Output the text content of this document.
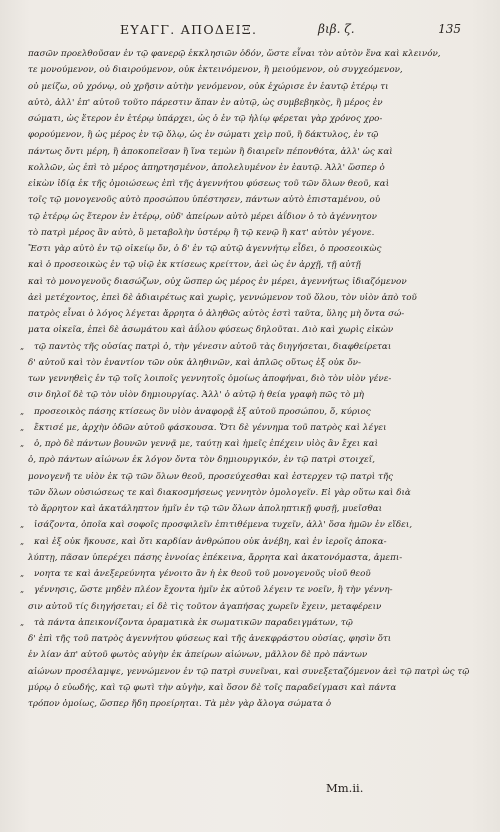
ΕΥΑΓΓ. ΑΠΟΔΕΙΞ.	βιβ. ζ.	135
πασῶν προελθοῦσαν ἐν τῷ φανερῷ ἐκκλησιῶν ὁδόν, ὥστε εἶναι τὸν αὐτὸν ἕνα καὶ κλεινόν,
τε μονούμενον, οὐ διαιρούμενον, οὐκ ἐκτεινόμενον, ἢ μειούμενον, οὐ συγχεόμενον,
οὐ μείζω, οὐ χρόνῳ, οὐ χρῆσιν αὐτὴν γενόμενον, οὐκ ἐχώρισε ἐν ἑαυτῷ ἑτέρῳ τι
αὐτὸ, ἀλλ' ἐπ' αὐτοῦ τοῦτο πάρεστιν ἅπαν ἐν αὐτῷ, ὡς συμβεβηκὸς, ἢ μέρος ἐν
σώματι, ὡς ἕτερον ἐν ἑτέρῳ ὑπάρχει, ὡς ὁ ἐν τῷ ἡλίῳ φέρεται γὰρ χρόνος χρο-
φορούμενον, ἢ ὡς μέρος ἐν τῷ ὅλῳ, ὡς ἐν σώματι χεὶρ ποῦ, ἢ δάκτυλος, ἐν τῷ
πάντως ὄντι μέρη, ἢ ἀποκοπεῖσαν ἢ ἵνα τεμὼν ἢ διαιρεῖν πέπονθότα, ἀλλ' ὡς καὶ
κολλῶν, ὡς ἐπὶ τὸ μέρος ἀπηρτησμένον, ἀπολελυμένον ἐν ἑαυτῷ. Ἀλλ' ὥσπερ ὁ
εἰκὼν ἰδίᾳ ἐκ τῆς ὁμοιώσεως ἐπὶ τῆς ἀγεννήτου φύσεως τοῦ τῶν ὅλων θεοῦ, καὶ
τοῖς τῷ μονογενοῦς αὐτὸ προσώπου ὑπέστησεν, πάντων αὐτὸ ἐπισταμένου, οὐ
τῷ ἑτέρῳ ὡς ἕτερον ἐν ἑτέρῳ, οὐδ' ἀπείρων αὐτὸ μέρει ἀΐδιον ὁ τὸ ἀγέννητον
τὸ πατρὶ μέρος ἂν αὐτὸ, ὃ μεταβολὴν ὑστέρῳ ἢ τῷ κενῷ ἢ κατ' αὐτὸν γέγονε.
Ἔστι γὰρ αὐτὸ ἐν τῷ οἰκείῳ ὄν, ὁ δ' ἐν τῷ αὐτῷ ἀγεννήτῳ εἶδει, ὁ προσεοικὼς
καὶ ὁ προσεοικὼς ἐν τῷ υἱῷ ἐκ κτίσεως κρείττον, ἀεὶ ὡς ἐν ἀρχῇ, τῇ αὐτῇ
καὶ τὸ μονογενοῦς διασώζων, οὐχ ὥσπερ ὡς μέρος ἐν μέρει, ἀγεννήτως ἰδιαζόμενον
ἀεὶ μετέχοντος, ἐπεὶ δὲ ἀδιαιρέτως καὶ χωρὶς, γεννώμενον τοῦ ὅλου, τὸν υἱὸν ἀπὸ τοῦ
πατρὸς εἶναι ὁ λόγος λέγεται ἄρρητα ὁ ἀληθῶς αὐτὸς ἐστὶ ταῦτα, ὕλης μὴ ὄντα σώ-
ματα οἰκεῖα, ἐπεὶ δὲ ἀσωμάτου καὶ ἀΰλου φύσεως δηλοῦται. Διὸ καὶ χωρὶς εἰκὼν
„ τῷ παντὸς τῆς οὐσίας πατρὶ ὁ, τὴν γένεσιν αὐτοῦ τὰς διηγήσεται, διαφθείρεται
δ' αὐτοῦ καὶ τὸν ἐναντίον τῶν οὐκ ἀληθινῶν, καὶ ἁπλῶς οὕτως ἐξ οὐκ ὄν-
των γεννηθεὶς ἐν τῷ τοῖς λοιποῖς γεννητοῖς ὁμοίως ἀποφήναι, διὸ τὸν υἱὸν γένε-
σιν δηλοῖ δὲ τῷ τὸν υἱὸν δημιουργίας. Ἀλλ' ὁ αὐτῷ ἡ θεία γραφὴ πῶς τὸ μὴ
„ προσεοικὸς πάσης κτίσεως ὃν υἱὸν ἀναφορᾷ ἐξ αὐτοῦ προσώπου, ὅ, κύριος
„ ἔκτισέ με, ἀρχὴν ὁδῶν αὐτοῦ φάσκουσα. Ὅτι δὲ γέννημα τοῦ πατρὸς καὶ λέγει
„ ὁ, πρὸ δὲ πάντων βουνῶν γεννᾷ με, ταύτῃ καὶ ἡμεῖς ἐπέχειν υἱὸς ἂν ἔχει καὶ
ὁ, πρὸ πάντων αἰώνων ἐκ λόγον ὄντα τὸν δημιουργικόν, ἐν τῷ πατρὶ στοιχεῖ,
μονογενῆ τε υἱὸν ἐκ τῷ τῶν ὅλων θεοῦ, προσεύχεσθαι καὶ ἐστερχεν τῷ πατρὶ τῆς
τῶν ὅλων οὐσιώσεως τε καὶ διακοσμήσεως γεννητὸν ὁμολογεῖν. Εἰ γὰρ οὕτω καὶ διὰ
τὸ ἄρρητον καὶ ἀκατάληπτον ἡμῖν ἐν τῷ τῶν ὅλων ἀποληπτικῇ φυσῇ, μυεῖσθαι
„ ἰσάζοντα, ὁποῖα καὶ σοφοῖς προσφιλεῖν ἐπιτιθέμενα τυχεῖν, ἀλλ' ὅσα ἡμῶν ἐν εἴδει,
„ καὶ ἐξ οὐκ ἤκουσε, καὶ ὅτι καρδίαν ἀνθρώπου οὐκ ἀνέβη, καὶ ἐν ἱεροῖς ἀποκα-
λύπτῃ, πᾶσαν ὑπερέχει πάσης ἐννοίας ἐπέκεινα, ἄρρητα καὶ ἀκατονόμαστα, ἀμεπι-
„ νοητα τε καὶ ἀνεξερεύνητα γένοιτο ἂν ἡ ἐκ θεοῦ τοῦ μονογενοῦς υἱοῦ θεοῦ
„ γέννησις, ὥστε μηδὲν πλέον ἔχοντα ἡμῖν ἐκ αὐτοῦ λέγειν τε νοεῖν, ἢ τὴν γέννη-
σιν αὐτοῦ τίς διηγήσεται; εἰ δὲ τὶς τοῦτον ἀγαπήσας χωρεῖν ἔχειν, μεταφέρειν
„ τὰ πάντα ἀπεικονίζοντα ὁραματικὰ ἐκ σωματικῶν παραδειγμάτων, τῷ
δ' ἐπὶ τῆς τοῦ πατρὸς ἀγεννήτου φύσεως καὶ τῆς ἀνεκφράστου οὐσίας, φησὶν ὅτι
ἐν λίαν ἀπ' αὐτοῦ φωτὸς αὐγὴν ἐκ ἀπείρων αἰώνων, μᾶλλον δὲ πρὸ πάντων
αἰώνων προσέλαμψε, γεννώμενον ἐν τῷ πατρὶ συνεῖναι, καὶ συνεξεταζόμενον ἀεὶ τῷ πατρὶ ὡς τῷ
μύρῳ ὁ εὐωδής, καὶ τῷ φωτὶ τὴν αὐγὴν, καὶ ὅσον δὲ τοῖς παραδείγμασι καὶ πάντα
τρόπον ὁμοίως, ὥσπερ ἤδη προείρηται. Τὰ μὲν γὰρ ἄλογα σώματα ὁ
Mm.ii.
